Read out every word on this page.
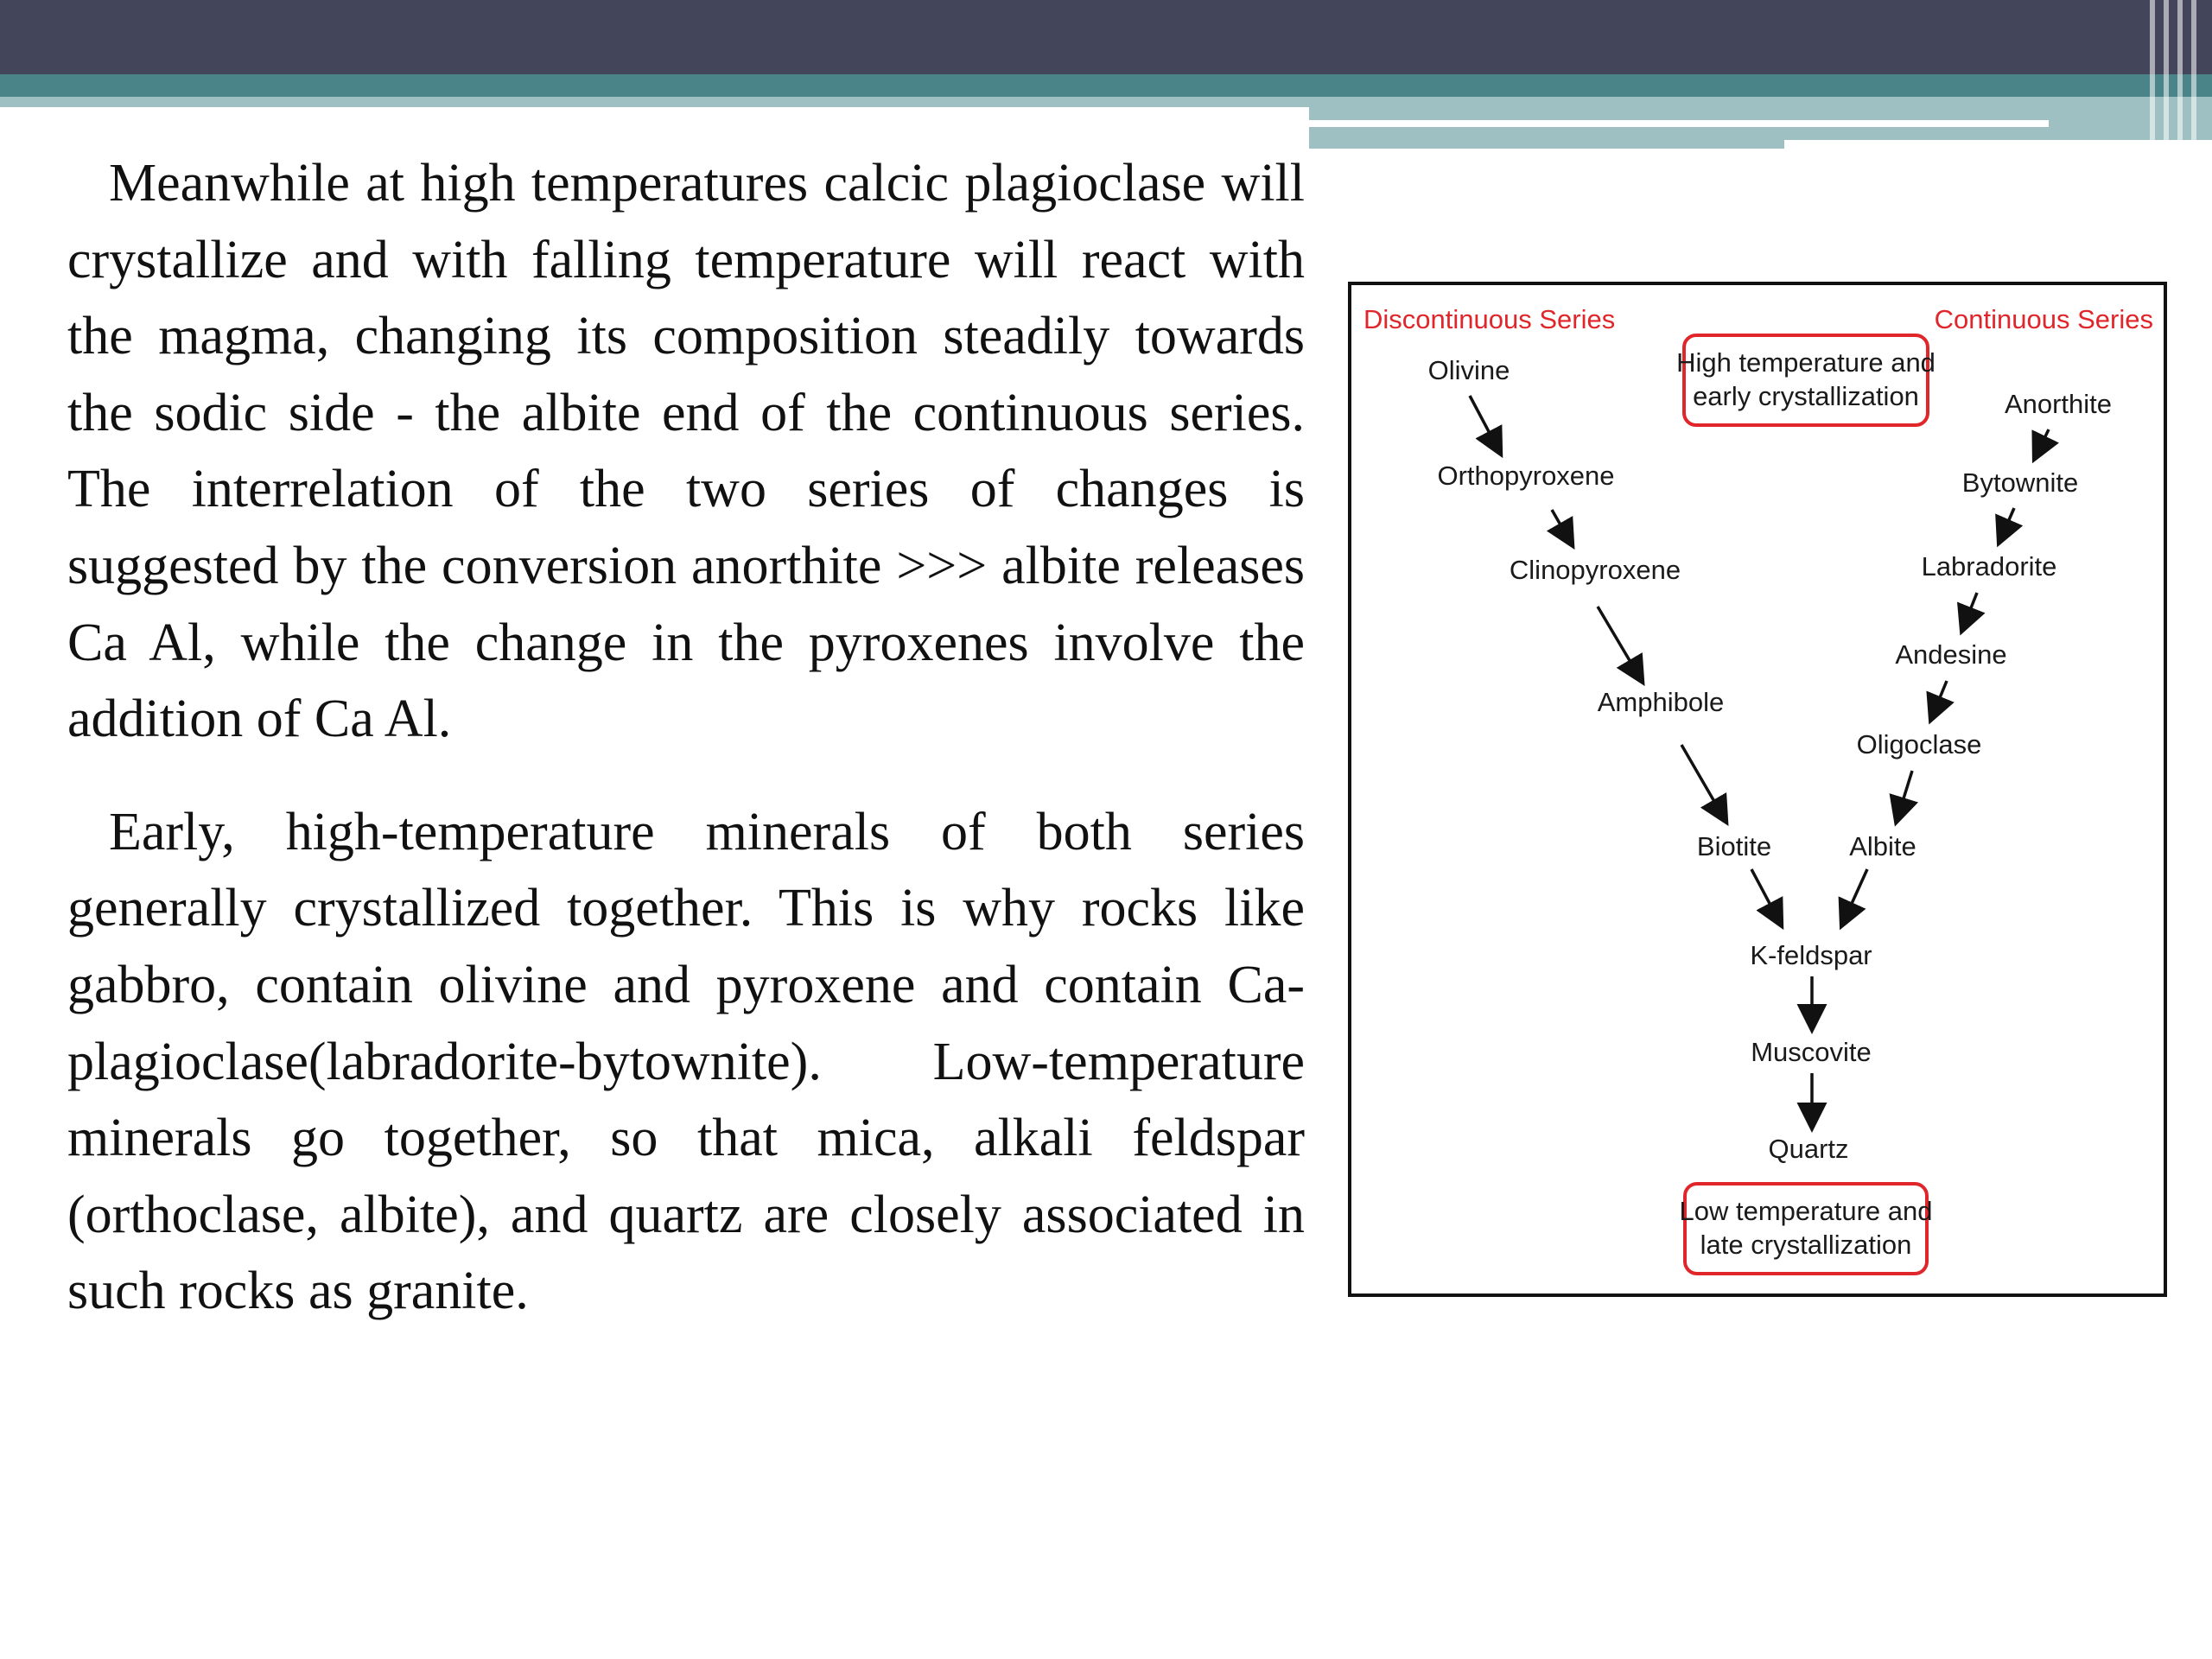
Meanwhile at high temperatures calcic plagioclase will crystallize and with falling temperature will react with the magma, changing its composition steadily towards the sodic side - the albite end of the continuous series. The interrelation of the two series of changes is suggested by the conversion anorthite >>> albite releases Ca Al, while the change in the pyroxenes involve the addition of Ca Al.

Early, high-temperature minerals of both series generally crystallized together. This is why rocks like gabbro, contain olivine and pyroxene and contain Ca-plagioclase(labradorite-bytownite). Low-temperature minerals go together, so that mica, alkali feldspar (orthoclase, albite), and quartz are closely associated in such rocks as granite.

Discontinuous Series	Continuous Series
High temperature and
early crystallization
Olivine
Orthopyroxene
Clinopyroxene
Amphibole
Biotite
Anorthite
Bytownite
Labradorite
Andesine
Oligoclase
Albite
K-feldspar
Muscovite
Quartz
Low temperature and
late crystallization
